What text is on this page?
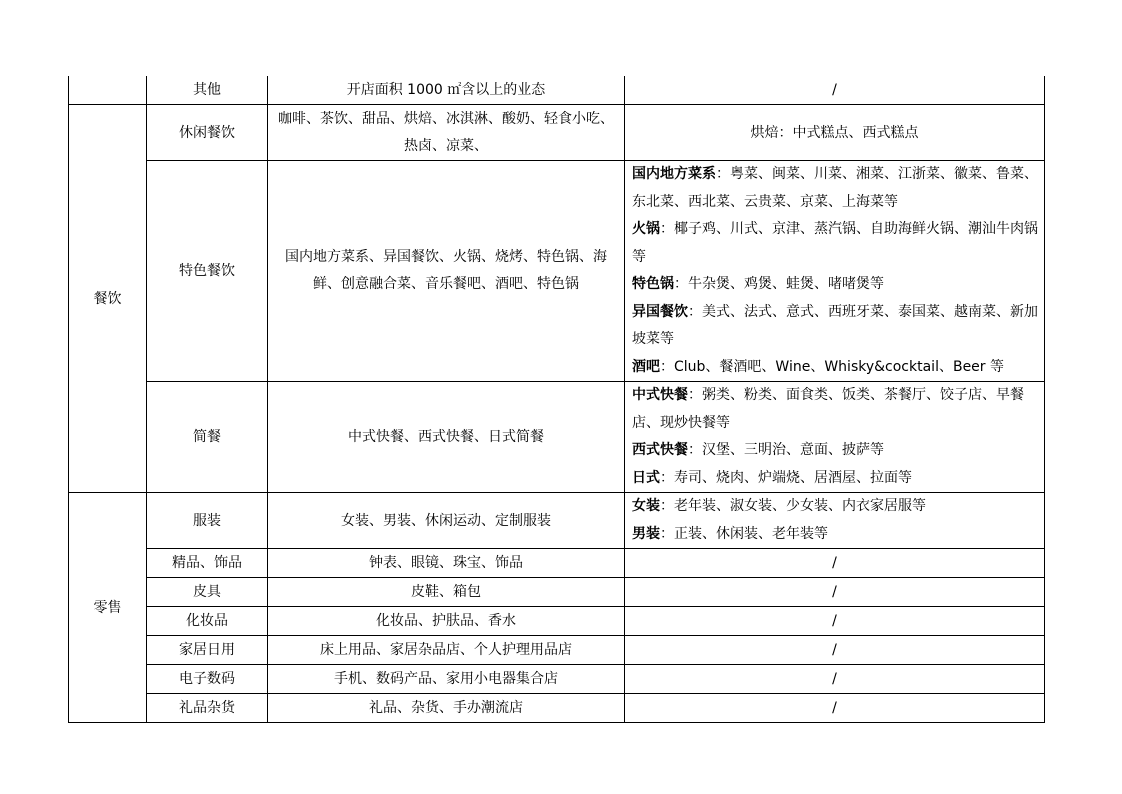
	其他	开店面积 1000 ㎡含以上的业态	/
餐饮	休闲餐饮	咖啡、茶饮、甜品、烘焙、冰淇淋、酸奶、轻食小吃、热卤、凉菜、	烘焙：中式糕点、西式糕点
	特色餐饮	国内地方菜系、异国餐饮、火锅、烧烤、特色锅、海鲜、创意融合菜、音乐餐吧、酒吧、特色锅	国内地方菜系：粤菜、闽菜、川菜、湘菜、江浙菜、徽菜、鲁菜、东北菜、西北菜、云贵菜、京菜、上海菜等
火锅：椰子鸡、川式、京津、蒸汽锅、自助海鲜火锅、潮汕牛肉锅等
特色锅：牛杂煲、鸡煲、蛙煲、啫啫煲等
异国餐饮：美式、法式、意式、西班牙菜、泰国菜、越南菜、新加坡菜等
酒吧：Club、餐酒吧、Wine、Whisky&cocktail、Beer 等

	简餐	中式快餐、西式快餐、日式简餐	中式快餐：粥类、粉类、面食类、饭类、茶餐厅、饺子店、早餐店、现炒快餐等
西式快餐：汉堡、三明治、意面、披萨等
日式：寿司、烧肉、炉端烧、居酒屋、拉面等

零售	服装	女装、男装、休闲运动、定制服装	女装：老年装、淑女装、少女装、内衣家居服等
男装：正装、休闲装、老年装等

	精品、饰品	钟表、眼镜、珠宝、饰品	/
	皮具	皮鞋、箱包	/
	化妆品	化妆品、护肤品、香水	/
	家居日用	床上用品、家居杂品店、个人护理用品店	/
	电子数码	手机、数码产品、家用小电器集合店	/
	礼品杂货	礼品、杂货、手办潮流店	/
